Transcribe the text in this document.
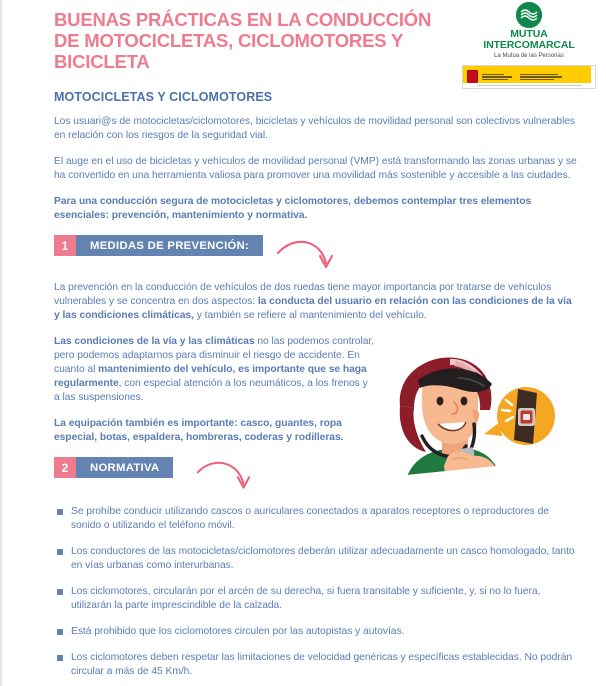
BUENAS PRÁCTICAS EN LA CONDUCCIÓN DE MOTOCICLETAS, CICLOMOTORES Y BICICLETA
MUTUA
INTERCOMARCAL
La Mutua de las Personas
MOTOCICLETAS Y CICLOMOTORES

Los usuari@s de motocicletas/ciclomotores, bicicletas y vehículos de movilidad personal son colectivos vulnerables en relación con los riesgos de la seguridad vial.

El auge en el uso de bicicletas y vehículos de movilidad personal (VMP) está transformando las zonas urbanas y se ha convertido en una herramienta valiosa para promover una movilidad más sostenible y accesible a las ciudades.

Para una conducción segura de motocicletas y ciclomotores, debemos contemplar tres elementos esenciales: prevención, mantenimiento y normativa.

1	MEDIDAS DE PREVENCIÓN:

La prevención en la conducción de vehículos de dos ruedas tiene mayor importancia por tratarse de vehículos vulnerables y se concentra en dos aspectos: la conducta del usuario en relación con las condiciones de la vía y las condiciones climáticas, y también se refiere al mantenimiento del vehículo.

Las condiciones de la vía y las climáticas no las podemos controlar, pero podemos adaptarnos para disminuir el riesgo de accidente. En cuanto al mantenimiento del vehículo, es importante que se haga regularmente, con especial atención a los neumáticos, a los frenos y a las suspensiones.

La equipación también es importante: casco, guantes, ropa especial, botas, espaldera, hombreras, coderas y rodilleras.

2	NORMATIVA
Se prohíbe conducir utilizando cascos o auriculares conectados a aparatos receptores o reproductores de sonido o utilizando el teléfono móvil.
Los conductores de las motocicletas/ciclomotores deberán utilizar adecuadamente un casco homologado, tanto en vías urbanas como interurbanas.
Los ciclomotores, circularán por el arcén de su derecha, si fuera transitable y suficiente, y, si no lo fuera, utilizarán la parte imprescindible de la calzada.
Está prohibido que los ciclomotores circulen por las autopistas y autovías.
Los ciclomotores deben respetar las limitaciones de velocidad genéricas y específicas establecidas. No podrán circular a más de 45 Km/h.
